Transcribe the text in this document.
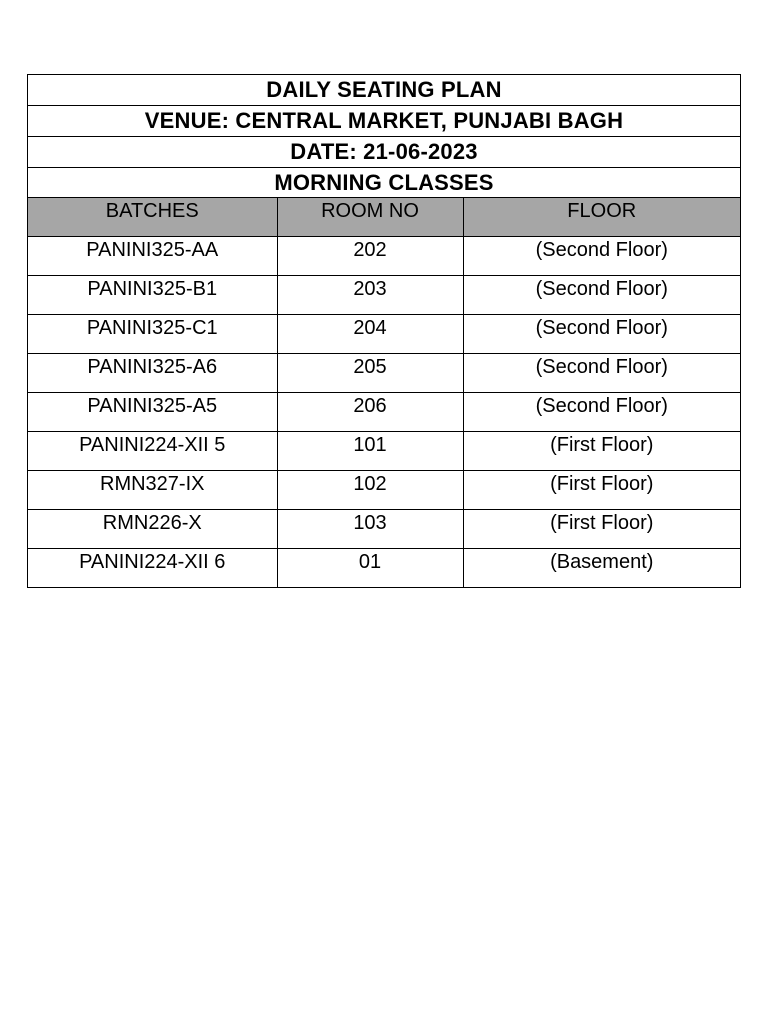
DAILY SEATING PLAN
VENUE: CENTRAL MARKET, PUNJABI BAGH
DATE: 21-06-2023
MORNING CLASSES
BATCHES	ROOM NO	FLOOR
PANINI325-AA	202	(Second Floor)
PANINI325-B1	203	(Second Floor)
PANINI325-C1	204	(Second Floor)
PANINI325-A6	205	(Second Floor)
PANINI325-A5	206	(Second Floor)
PANINI224-XII 5	101	(First Floor)
RMN327-IX	102	(First Floor)
RMN226-X	103	(First Floor)
PANINI224-XII 6	01	(Basement)
